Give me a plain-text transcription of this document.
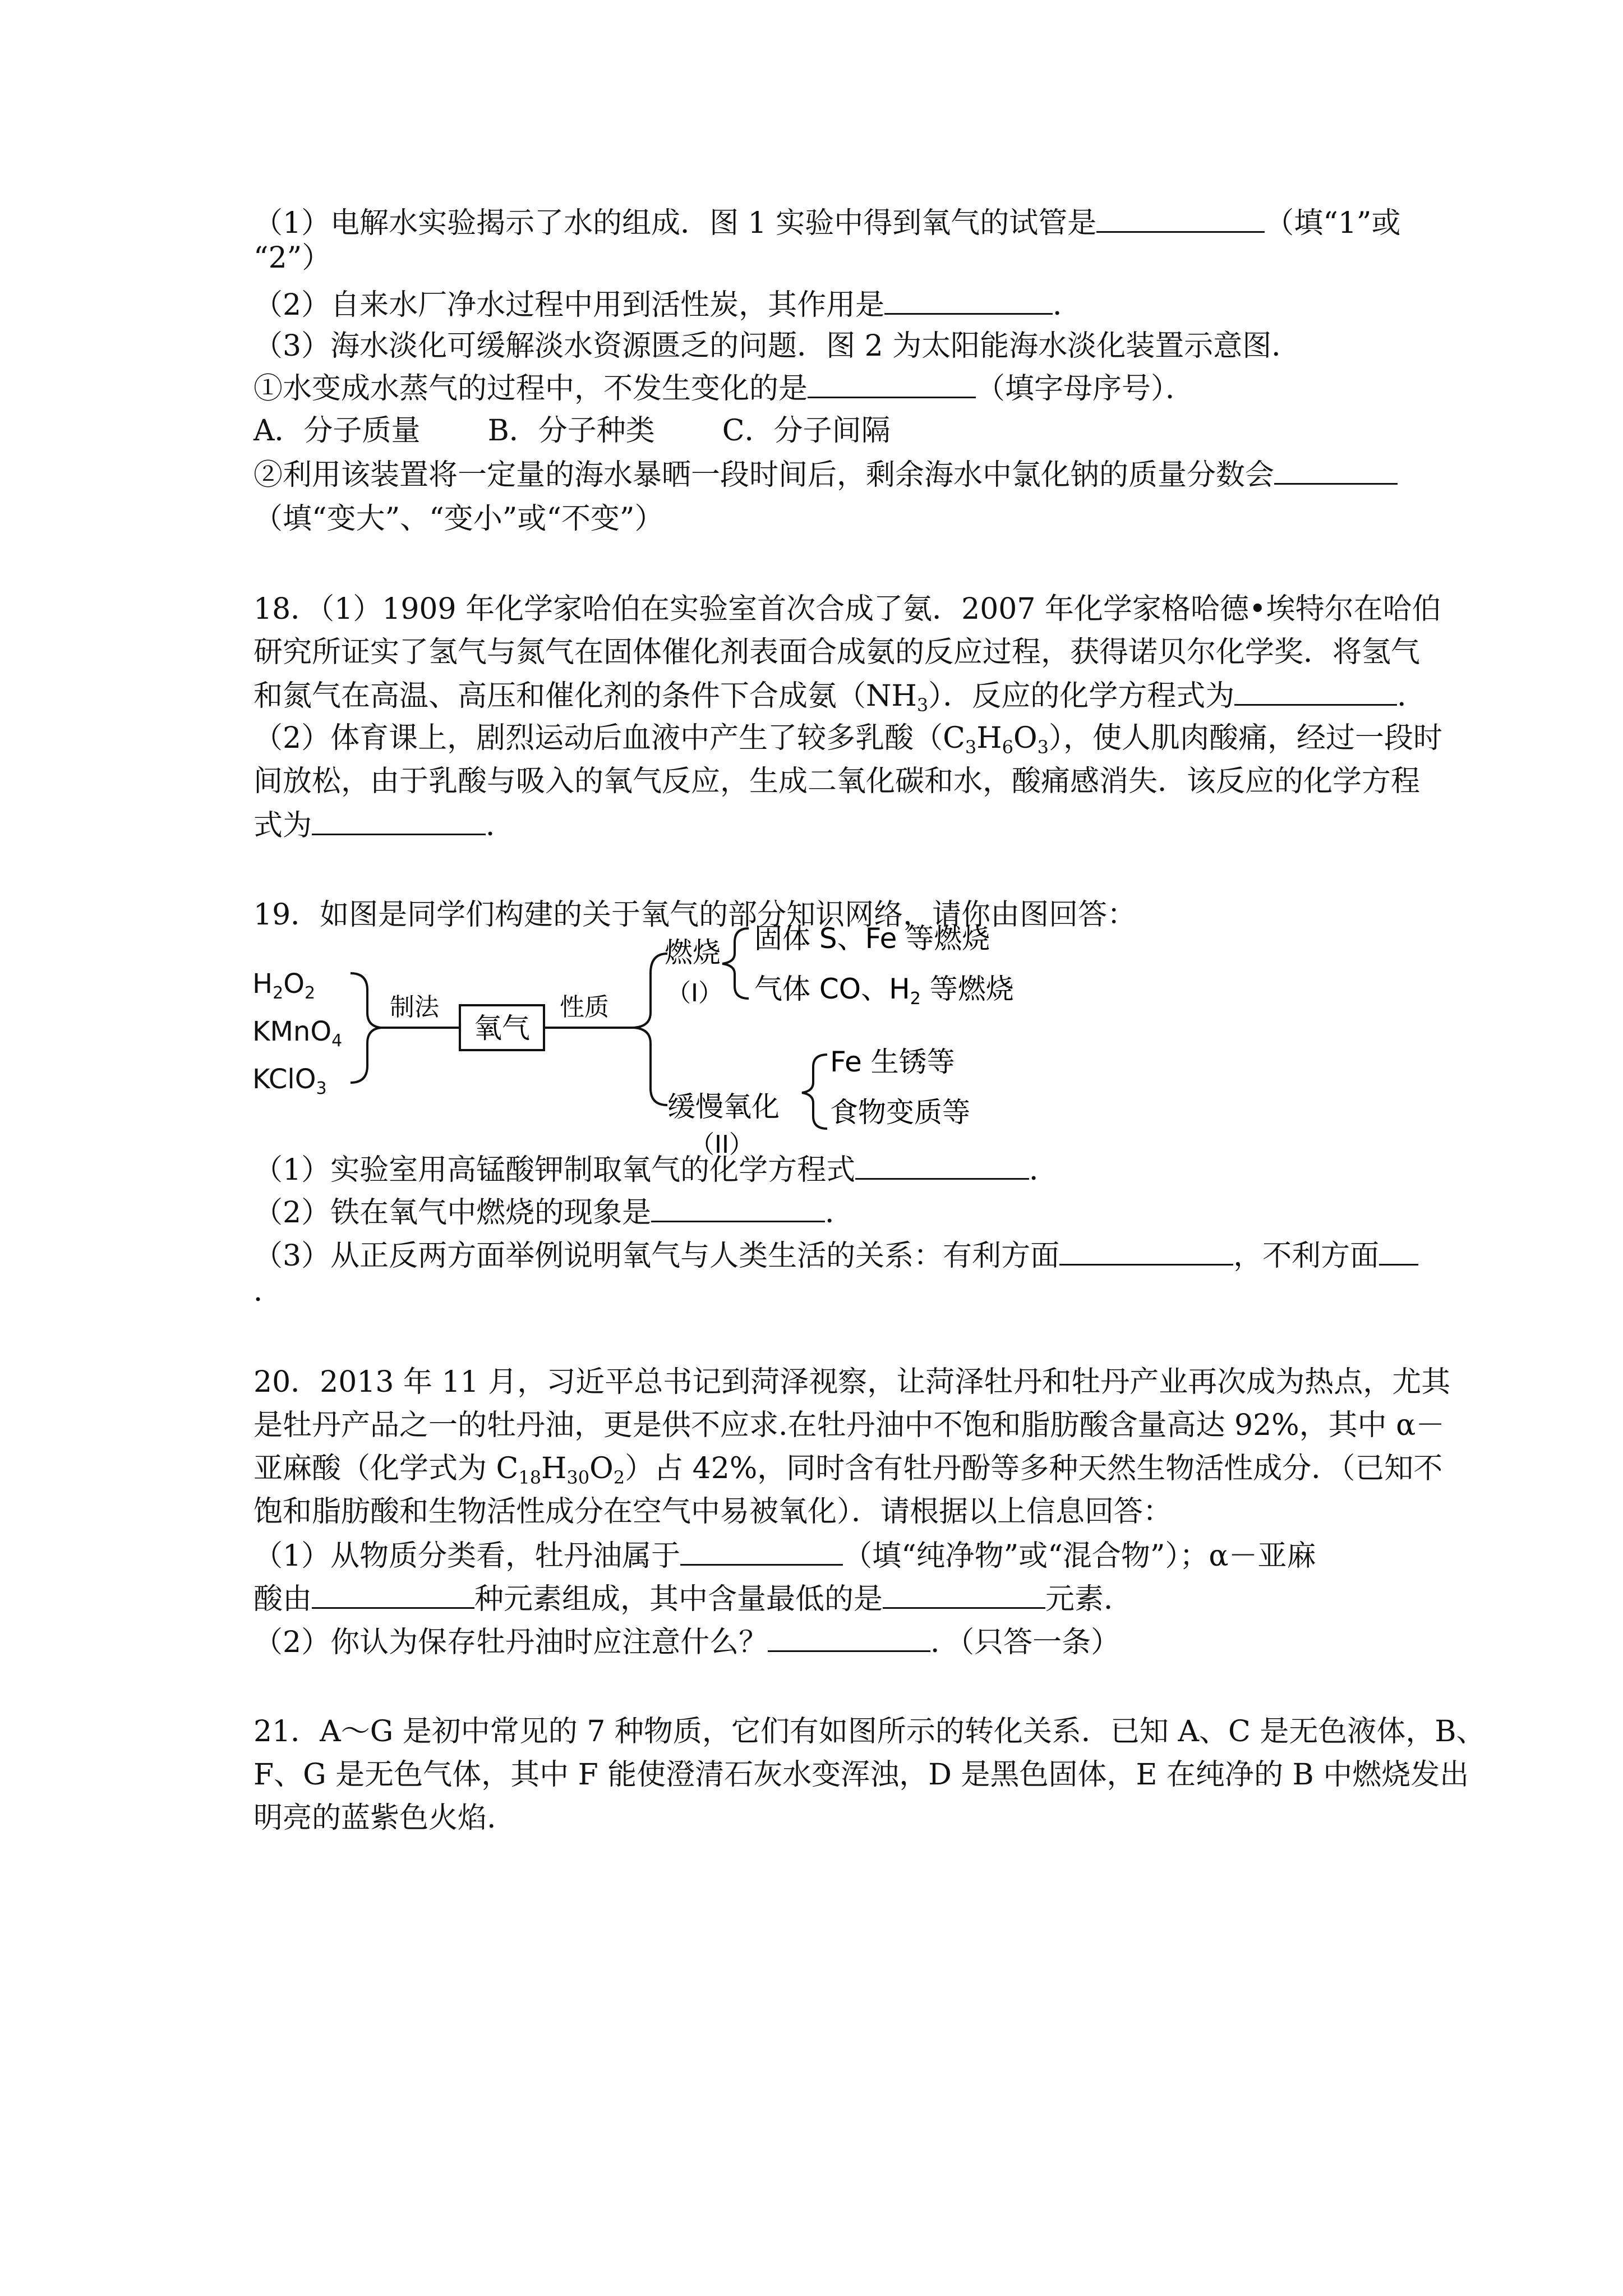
（1）电解水实验揭示了水的组成．图 1 实验中得到氧气的试管是	（填“1”或
“2”）
（2）自来水厂净水过程中用到活性炭，其作用是	．
（3）海水淡化可缓解淡水资源匮乏的问题．图 2 为太阳能海水淡化装置示意图．
①水变成水蒸气的过程中，不发生变化的是	（填字母序号）．
A．分子质量 B．分子种类 C．分子间隔
②利用该装置将一定量的海水暴晒一段时间后，剩余海水中氯化钠的质量分数会
（填“变大”、“变小”或“不变”）
18．（1）1909 年化学家哈伯在实验室首次合成了氨．2007 年化学家格哈德•埃特尔在哈伯
研究所证实了氢气与氮气在固体催化剂表面合成氨的反应过程，获得诺贝尔化学奖．将氢气
和氮气在高温、高压和催化剂的条件下合成氨$(NH_3)$．反应的化学方程式为	．
（2）体育课上，剧烈运动后血液中产生了较多乳酸$(C_3H_6O_3)$，使人肌肉酸痛，经过一段时
间放松，由于乳酸与吸入的氧气反应，生成二氧化碳和水，酸痛感消失．该反应的化学方程
式为	．
19．如图是同学们构建的关于氧气的部分知识网络，请你由图回答：
$H_2O_2$
KMnO$_4$
KClO$_3$
制法
氧气
性质
燃烧
（I）
固体 S、Fe 等燃烧
气体 CO、$H_2$ 等燃烧
缓慢氧化
（II）
Fe 生锈等
食物变质等
（1）实验室用高锰酸钾制取氧气的化学方程式	．
（2）铁在氧气中燃烧的现象是	．
（3）从正反两方面举例说明氧气与人类生活的关系：有利方面	，不利方面
．
20．2013 年 11 月，习近平总书记到菏泽视察，让菏泽牡丹和牡丹产业再次成为热点，尤其
是牡丹产品之一的牡丹油，更是供不应求.在牡丹油中不饱和脂肪酸含量高达 92%，其中 α－
亚麻酸（化学式为 $C_{18}H_{30}O_2$）占 42%，同时含有牡丹酚等多种天然生物活性成分．（已知不
饱和脂肪酸和生物活性成分在空气中易被氧化）．请根据以上信息回答：
（1）从物质分类看，牡丹油属于	（填“纯净物”或“混合物”）；α－亚麻
酸由	种元素组成，其中含量最低的是	元素．
（2）你认为保存牡丹油时应注意什么？	．（只答一条）
21．A～G 是初中常见的 7 种物质，它们有如图所示的转化关系．已知 A、C 是无色液体，B、
F、G 是无色气体，其中 F 能使澄清石灰水变浑浊，D 是黑色固体，E 在纯净的 B 中燃烧发出
明亮的蓝紫色火焰.
